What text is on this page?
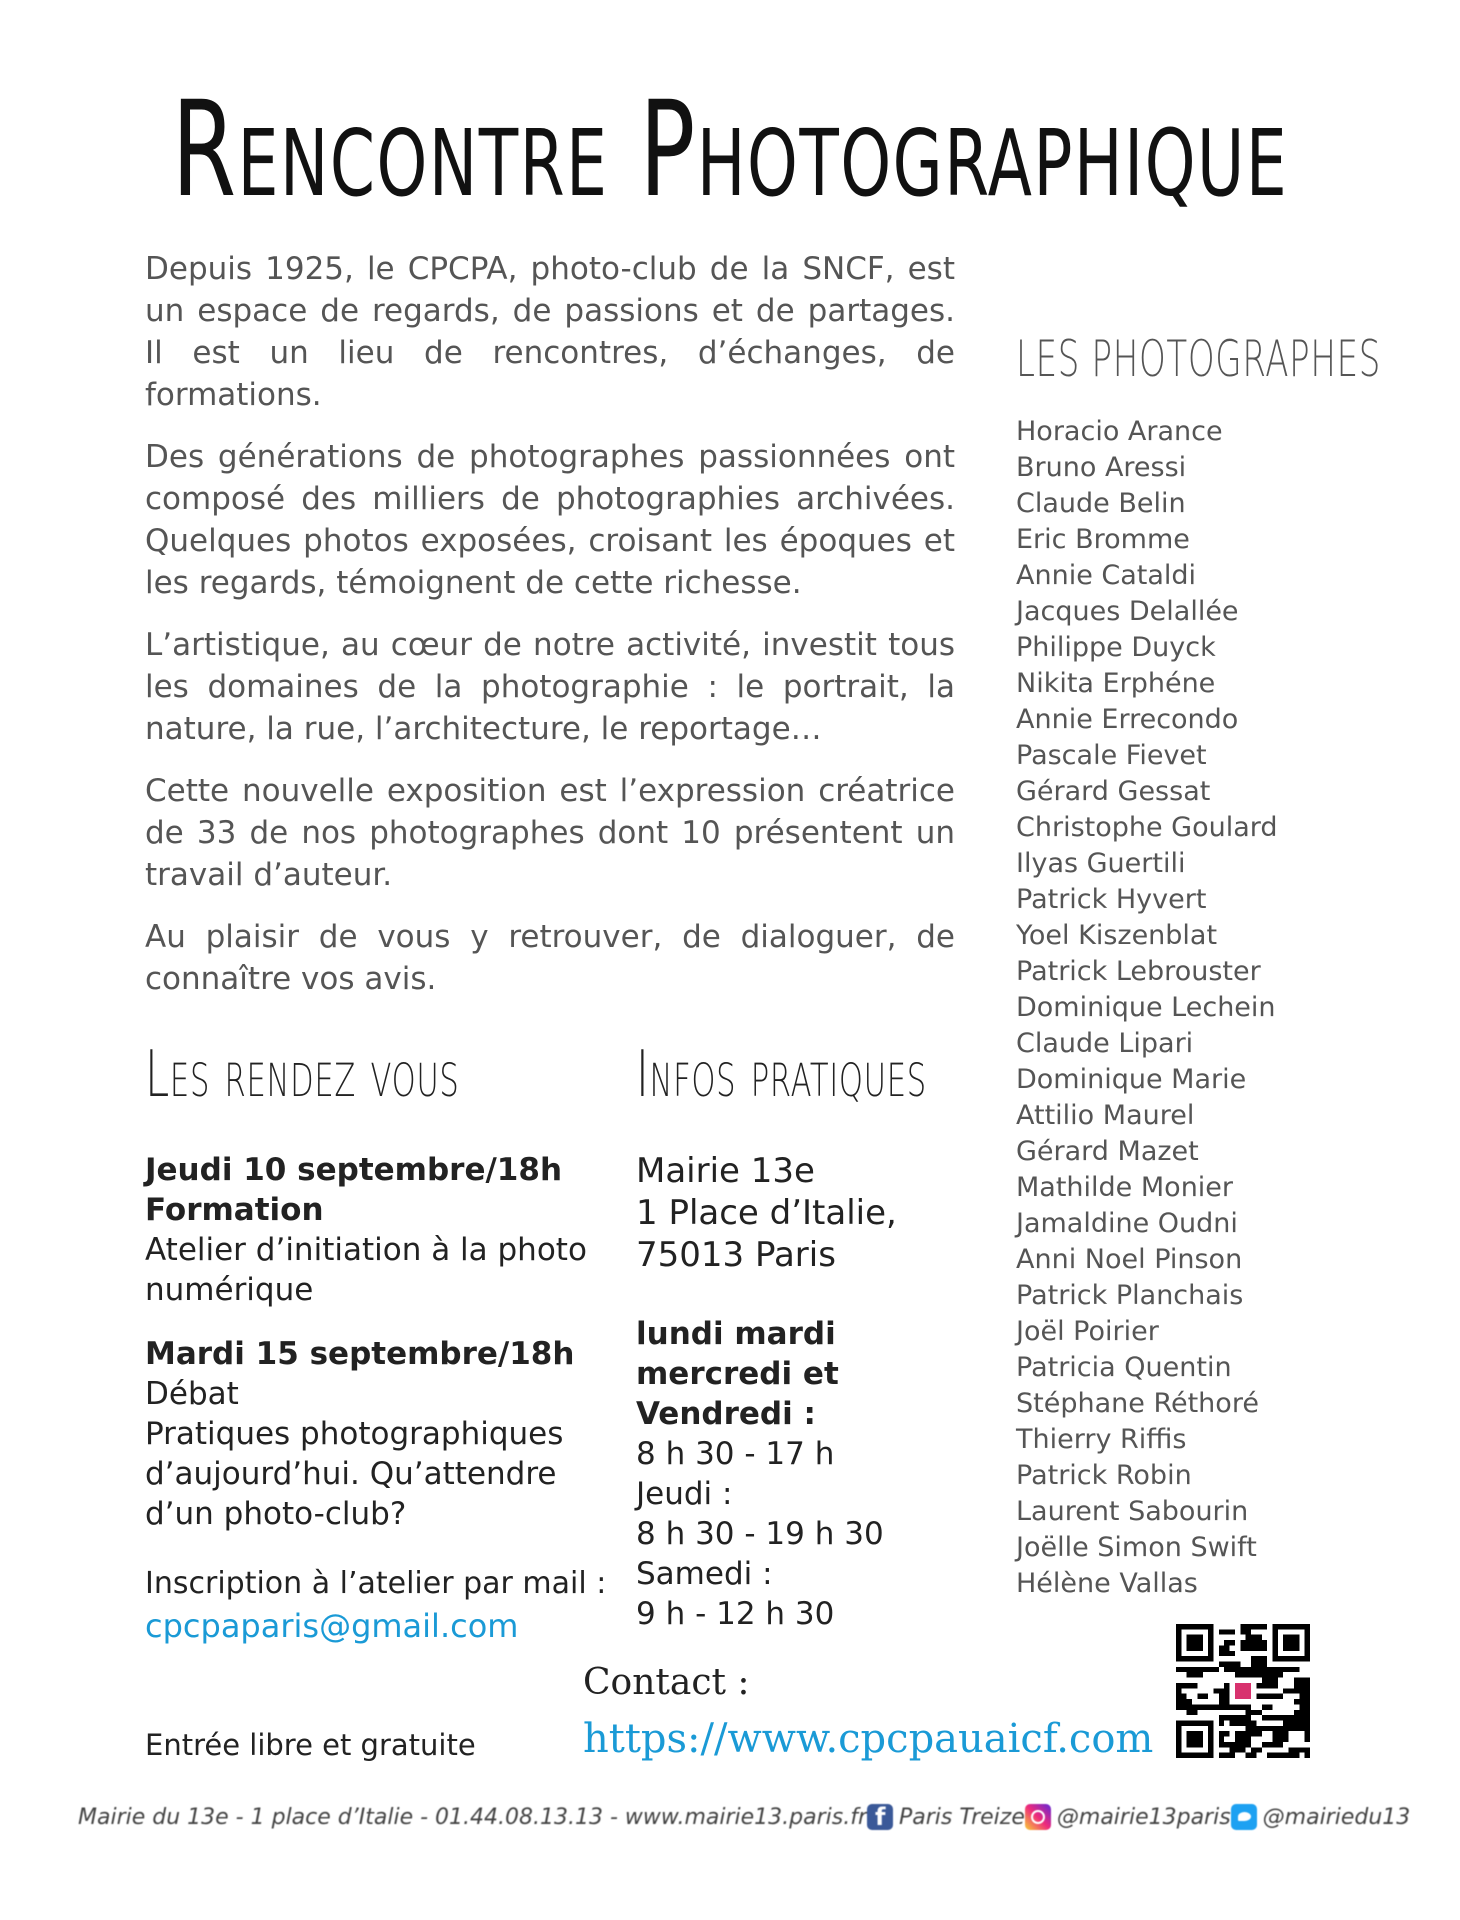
Rencontre Photographique

Depuis 1925, le CPCPA, photo-club de la SNCF, est un espace de regards, de passions et de partages. Il est un lieu de rencontres, d’échanges, de formations.

Des générations de photographes passionnées ont composé des milliers de photographies archivées. Quelques photos exposées, croisant les époques et les regards, témoignent de cette richesse.

L’artistique, au cœur de notre activité, investit tous les domaines de la photographie : le portrait, la nature, la rue, l’architecture, le reportage…

Cette nouvelle exposition est l’expression créatrice de 33 de nos photographes dont 10 présentent un travail d’auteur.

Au plaisir de vous y retrouver, de dialoguer, de connaître vos avis.

LES PHOTOGRAPHES
Horacio Arance
Bruno Aressi
Claude Belin
Eric Bromme
Annie Cataldi
Jacques Delallée
Philippe Duyck
Nikita Erphéne
Annie Errecondo
Pascale Fievet
Gérard Gessat
Christophe Goulard
Ilyas Guertili
Patrick Hyvert
Yoel Kiszenblat
Patrick Lebrouster
Dominique Lechein
Claude Lipari
Dominique Marie
Attilio Maurel
Gérard Mazet
Mathilde Monier
Jamaldine Oudni
Anni Noel Pinson
Patrick Planchais
Joël Poirier
Patricia Quentin
Stéphane Réthoré
Thierry Riffis
Patrick Robin
Laurent Sabourin
Joëlle Simon Swift
Hélène Vallas
Les rendez vous	Infos pratiques
Jeudi 10 septembre/18h
Formation
Atelier d’initiation à la photo numérique
Mardi 15 septembre/18h
Débat
Pratiques photographiques d’aujourd’hui. Qu’attendre d’un photo-club?
Inscription à l’atelier par mail :
cpcpaparis@gmail.com
Mairie 13e
1 Place d’Italie,
75013 Paris
lundi mardi mercredi et Vendredi :
8 h 30 - 17 h
Jeudi :
8 h 30 - 19 h 30
Samedi :
9 h - 12 h 30
Entrée libre et gratuite
Contact :
https://www.cpcpauaicf.com
Mairie du 13e - 1 place d’Italie - 01.44.08.13.13 - www.mairie13.paris.fr
f Paris Treize @mairie13paris @mairiedu13
